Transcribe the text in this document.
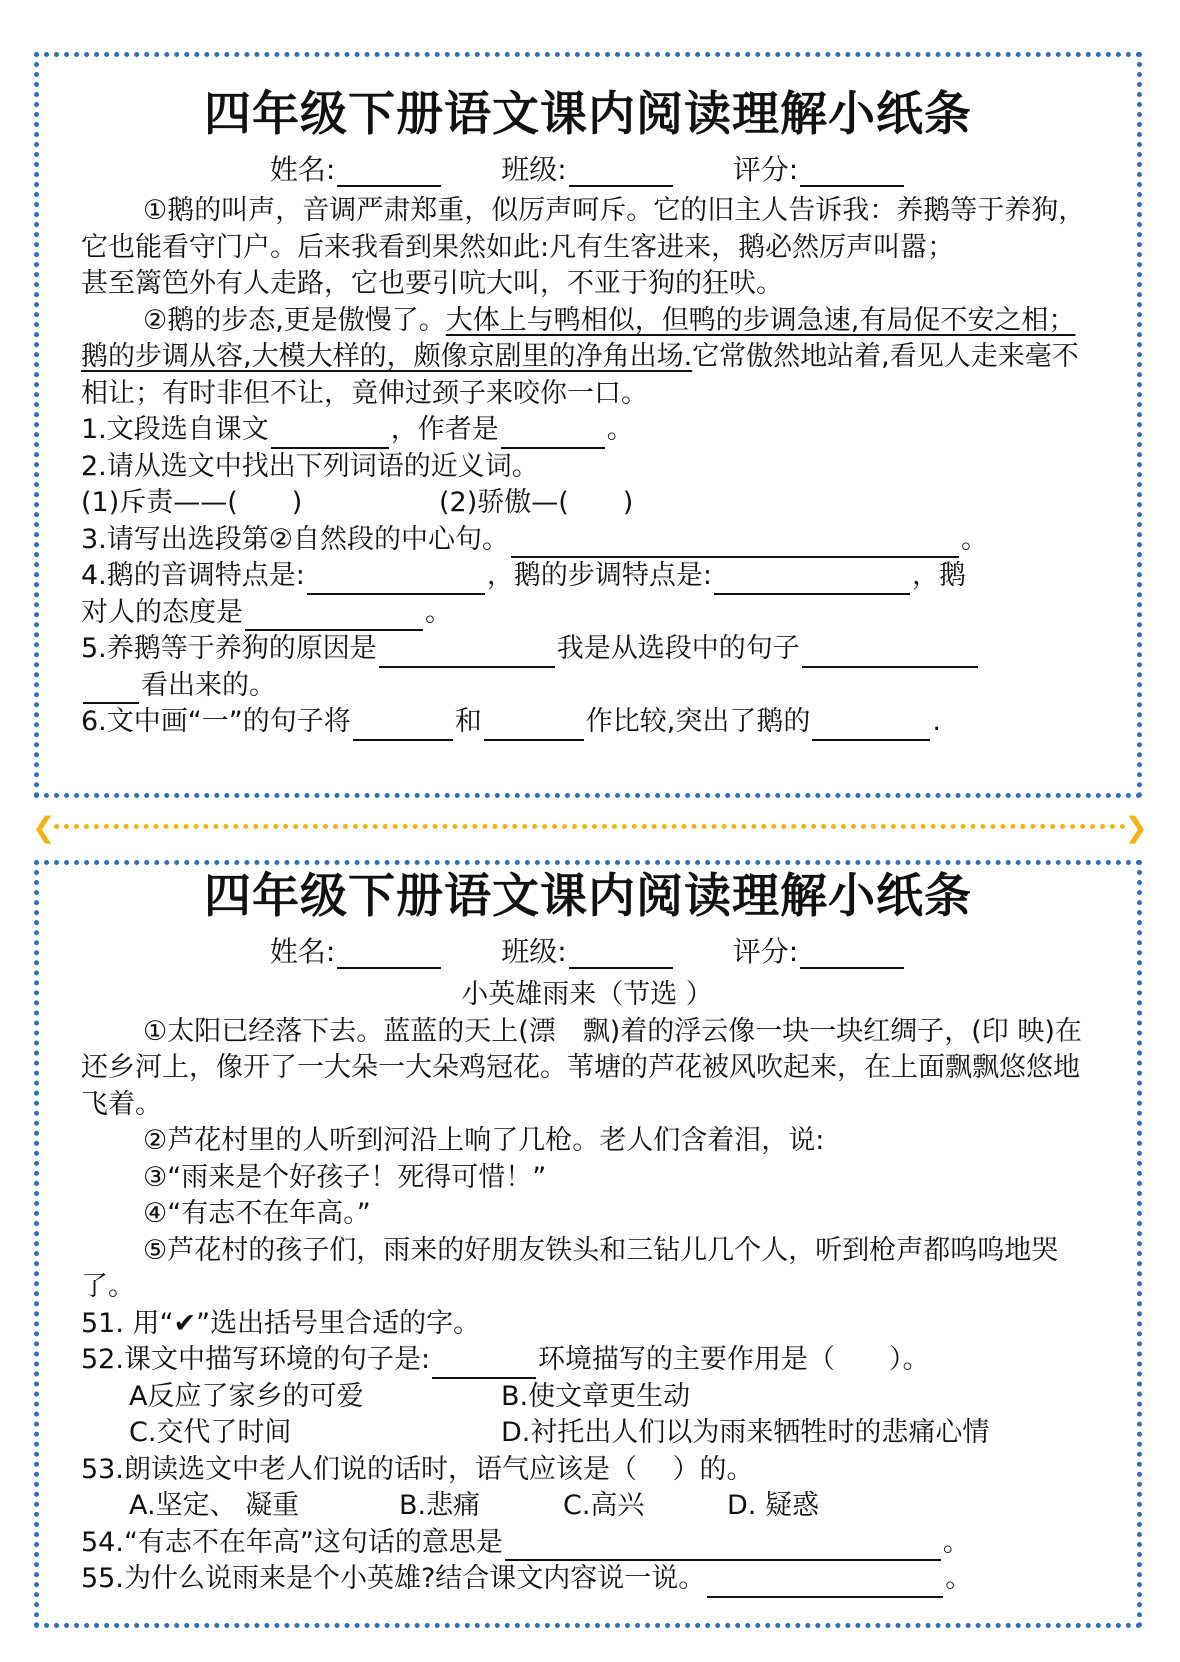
四年级下册语文课内阅读理解小纸条
姓名:	班级:	评分:

①鹅的叫声，音调严肃郑重，似厉声呵斥。它的旧主人告诉我：养鹅等于养狗，它也能看守门户。后来我看到果然如此:凡有生客进来，鹅必然厉声叫嚣；

甚至篱笆外有人走路，它也要引吭大叫，不亚于狗的狂吠。

②鹅的步态,更是傲慢了。大体上与鸭相似，但鸭的步调急速,有局促不安之相；鹅的步调从容,大模大样的，颇像京剧里的净角出场.它常傲然地站着,看见人走来毫不相让；有时非但不让，竟伸过颈子来咬你一口。

1.文段选自课文	，作者是	。

2.请从选文中找出下列词语的近义词。

(1)斥责——(　　)	(2)骄傲—(　　)

3.请写出选段第②自然段的中心句。	。

4.鹅的音调特点是:	，鹅的步调特点是:	，鹅

对人的态度是	。

5.养鹅等于养狗的原因是	我是从选段中的句子

看出来的。

6.文中画“一”的句子将	和	作比较,突出了鹅的	.

❮	❯
四年级下册语文课内阅读理解小纸条
姓名:	班级:	评分:

小英雄雨来（节选 ）

①太阳已经落下去。蓝蓝的天上(漂　飘)着的浮云像一块一块红绸子，(印 映)在还乡河上，像开了一大朵一大朵鸡冠花。苇塘的芦花被风吹起来，在上面飘飘悠悠地飞着。

②芦花村里的人听到河沿上响了几枪。老人们含着泪，说:

③“雨来是个好孩子！死得可惜！”

④“有志不在年高。”

⑤芦花村的孩子们，雨来的好朋友铁头和三钻儿几个人，听到枪声都呜呜地哭了。

51. 用“✔”选出括号里合适的字。

52.课文中描写环境的句子是:	环境描写的主要作用是（　　）。

A反应了家乡的可爱	B.使文章更生动

C.交代了时间	D.衬托出人们以为雨来牺牲时的悲痛心情

53.朗读选文中老人们说的话时，语气应该是（　 ）的。

A.坚定、 凝重	B.悲痛	C.高兴	D. 疑惑

54.“有志不在年高”这句话的意思是	。

55.为什么说雨来是个小英雄?结合课文内容说一说。	。
